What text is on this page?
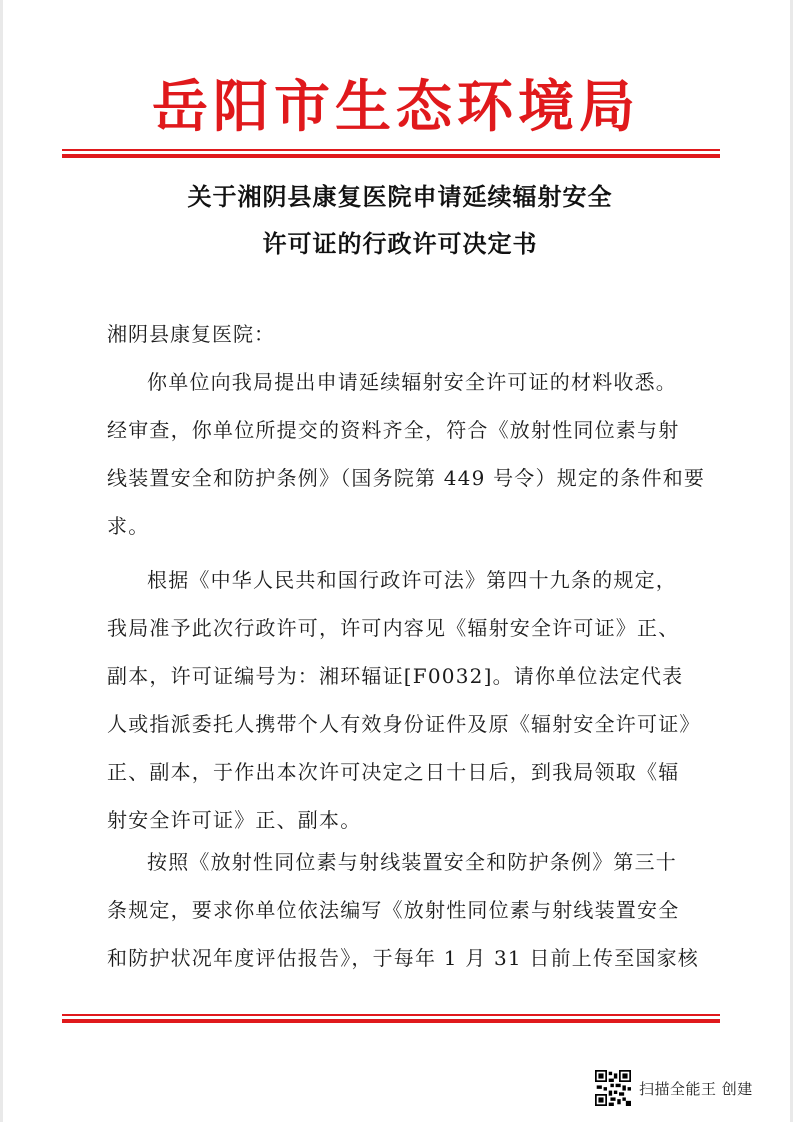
岳阳市生态环境局
关于湘阴县康复医院申请延续辐射安全
许可证的行政许可决定书
湘阴县康复医院：
你单位向我局提出申请延续辐射安全许可证的材料收悉。
经审查，你单位所提交的资料齐全，符合《放射性同位素与射
线装置安全和防护条例》（国务院第 449 号令）规定的条件和要
求。
根据《中华人民共和国行政许可法》第四十九条的规定，
我局准予此次行政许可，许可内容见《辐射安全许可证》正、
副本，许可证编号为：湘环辐证[F0032]。请你单位法定代表
人或指派委托人携带个人有效身份证件及原《辐射安全许可证》
正、副本，于作出本次许可决定之日十日后，到我局领取《辐
射安全许可证》正、副本。
按照《放射性同位素与射线装置安全和防护条例》第三十
条规定，要求你单位依法编写《放射性同位素与射线装置安全
和防护状况年度评估报告》，于每年 1 月 31 日前上传至国家核
扫描全能王 创建
